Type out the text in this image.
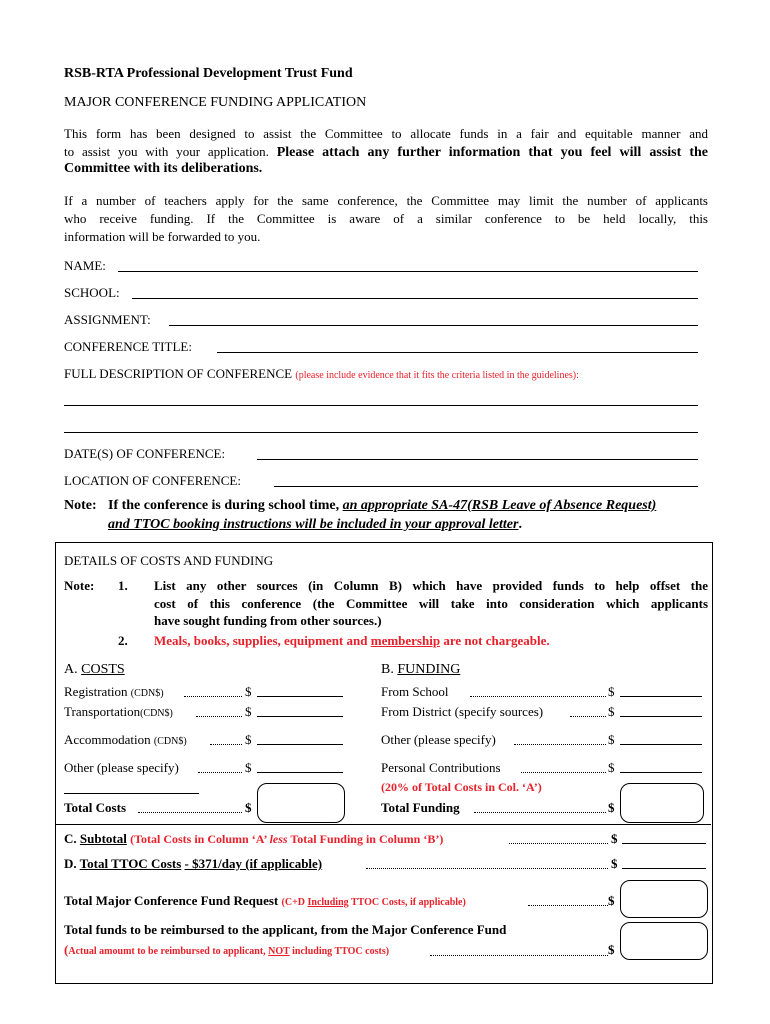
RSB-RTA Professional Development Trust Fund
MAJOR CONFERENCE FUNDING APPLICATION
This form has been designed to assist the Committee to allocate funds in a fair and equitable manner and
to assist you with your application. Please attach any further information that you feel will assist the
Committee with its deliberations.
If a number of teachers apply for the same conference, the Committee may limit the number of applicants
who receive funding. If the Committee is aware of a similar conference to be held locally, this
information will be forwarded to you.
NAME:
SCHOOL:
ASSIGNMENT:
CONFERENCE TITLE:
FULL DESCRIPTION OF CONFERENCE (please include evidence that it fits the criteria listed in the guidelines):
DATE(S) OF CONFERENCE:
LOCATION OF CONFERENCE:
Note: If the conference is during school time, an appropriate SA-47(RSB Leave of Absence Request)
and TTOC booking instructions will be included in your approval letter.
DETAILS OF COSTS AND FUNDING
Note: 1. List any other sources (in Column B) which have provided funds to help offset the
cost of this conference (the Committee will take into consideration which applicants
have sought funding from other sources.)
2. Meals, books, supplies, equipment and membership are not chargeable.
A. COSTS
Registration (CDN$)	$
Transportation(CDN$)	$
Accommodation (CDN$)	$
Other (please specify)	$
Total Costs	$
B. FUNDING
From School	$
From District (specify sources)	$
Other (please specify)	$
Personal Contributions	$
(20% of Total Costs in Col. ‘A’)
Total Funding	$
C. Subtotal (Total Costs in Column ‘A’ less Total Funding in Column ‘B’)	$
D. Total TTOC Costs - $371/day (if applicable)	$
Total Major Conference Fund Request (C+D Including TTOC Costs, if applicable)	$
Total funds to be reimbursed to the applicant, from the Major Conference Fund
(Actual amoumt to be reimbursed to applicant, NOT including TTOC costs)	$
